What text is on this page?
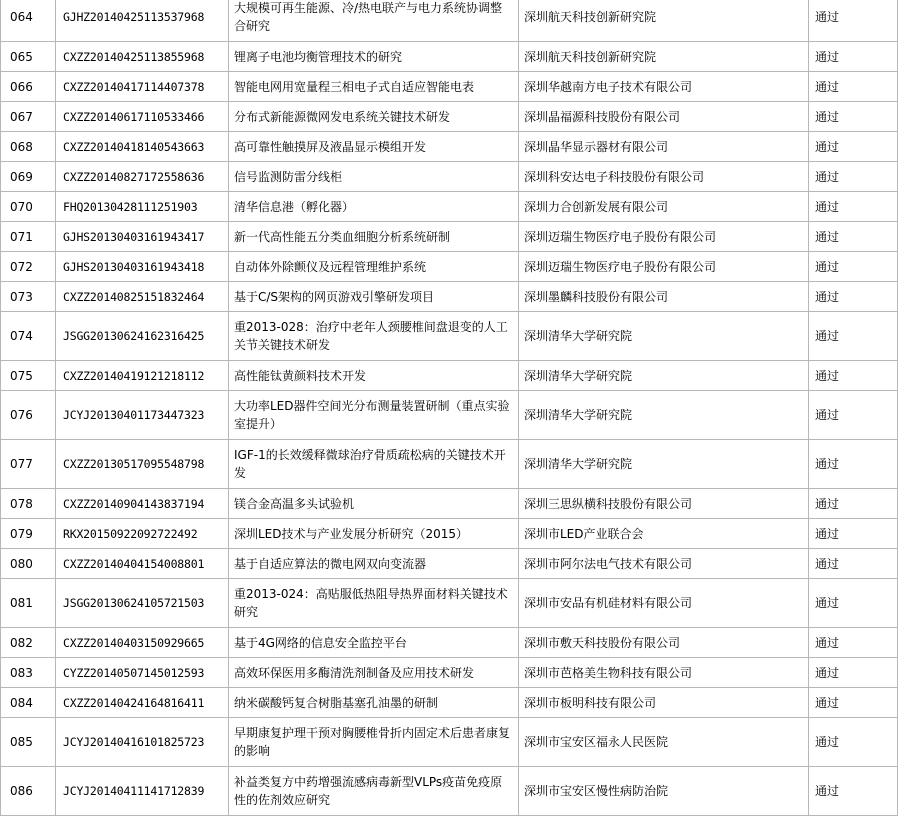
064	GJHZ20140425113537968	大规模可再生能源、冷/热电联产与电力系统协调整合研究	深圳航天科技创新研究院	通过
065	CXZZ20140425113855968	锂离子电池均衡管理技术的研究	深圳航天科技创新研究院	通过
066	CXZZ20140417114407378	智能电网用宽量程三相电子式自适应智能电表	深圳华越南方电子技术有限公司	通过
067	CXZZ20140617110533466	分布式新能源微网发电系统关键技术研发	深圳晶福源科技股份有限公司	通过
068	CXZZ20140418140543663	高可靠性触摸屏及液晶显示模组开发	深圳晶华显示器材有限公司	通过
069	CXZZ20140827172558636	信号监测防雷分线柜	深圳科安达电子科技股份有限公司	通过
070	FHQ20130428111251903	清华信息港（孵化器）	深圳力合创新发展有限公司	通过
071	GJHS20130403161943417	新一代高性能五分类血细胞分析系统研制	深圳迈瑞生物医疗电子股份有限公司	通过
072	GJHS20130403161943418	自动体外除颤仪及远程管理维护系统	深圳迈瑞生物医疗电子股份有限公司	通过
073	CXZZ20140825151832464	基于C/S架构的网页游戏引擎研发项目	深圳墨麟科技股份有限公司	通过
074	JSGG20130624162316425	重2013-028：治疗中老年人颈腰椎间盘退变的人工关节关键技术研发	深圳清华大学研究院	通过
075	CXZZ20140419121218112	高性能钛黄颜料技术开发	深圳清华大学研究院	通过
076	JCYJ20130401173447323	大功率LED器件空间光分布测量装置研制（重点实验室提升）	深圳清华大学研究院	通过
077	CXZZ20130517095548798	IGF-1的长效缓释微球治疗骨质疏松病的关键技术开发	深圳清华大学研究院	通过
078	CXZZ20140904143837194	镁合金高温多头试验机	深圳三思纵横科技股份有限公司	通过
079	RKX20150922092722492	深圳LED技术与产业发展分析研究（2015）	深圳市LED产业联合会	通过
080	CXZZ20140404154008801	基于自适应算法的微电网双向变流器	深圳市阿尔法电气技术有限公司	通过
081	JSGG20130624105721503	重2013-024：高贴服低热阻导热界面材料关键技术研究	深圳市安品有机硅材料有限公司	通过
082	CXZZ20140403150929665	基于4G网络的信息安全监控平台	深圳市敷天科技股份有限公司	通过
083	CYZZ20140507145012593	高效环保医用多酶清洗剂制备及应用技术研发	深圳市芭格美生物科技有限公司	通过
084	CXZZ20140424164816411	纳米碳酸钙复合树脂基塞孔油墨的研制	深圳市板明科技有限公司	通过
085	JCYJ20140416101825723	早期康复护理干预对胸腰椎骨折内固定术后患者康复的影响	深圳市宝安区福永人民医院	通过
086	JCYJ20140411141712839	补益类复方中药增强流感病毒新型VLPs疫苗免疫原性的佐剂效应研究	深圳市宝安区慢性病防治院	通过
